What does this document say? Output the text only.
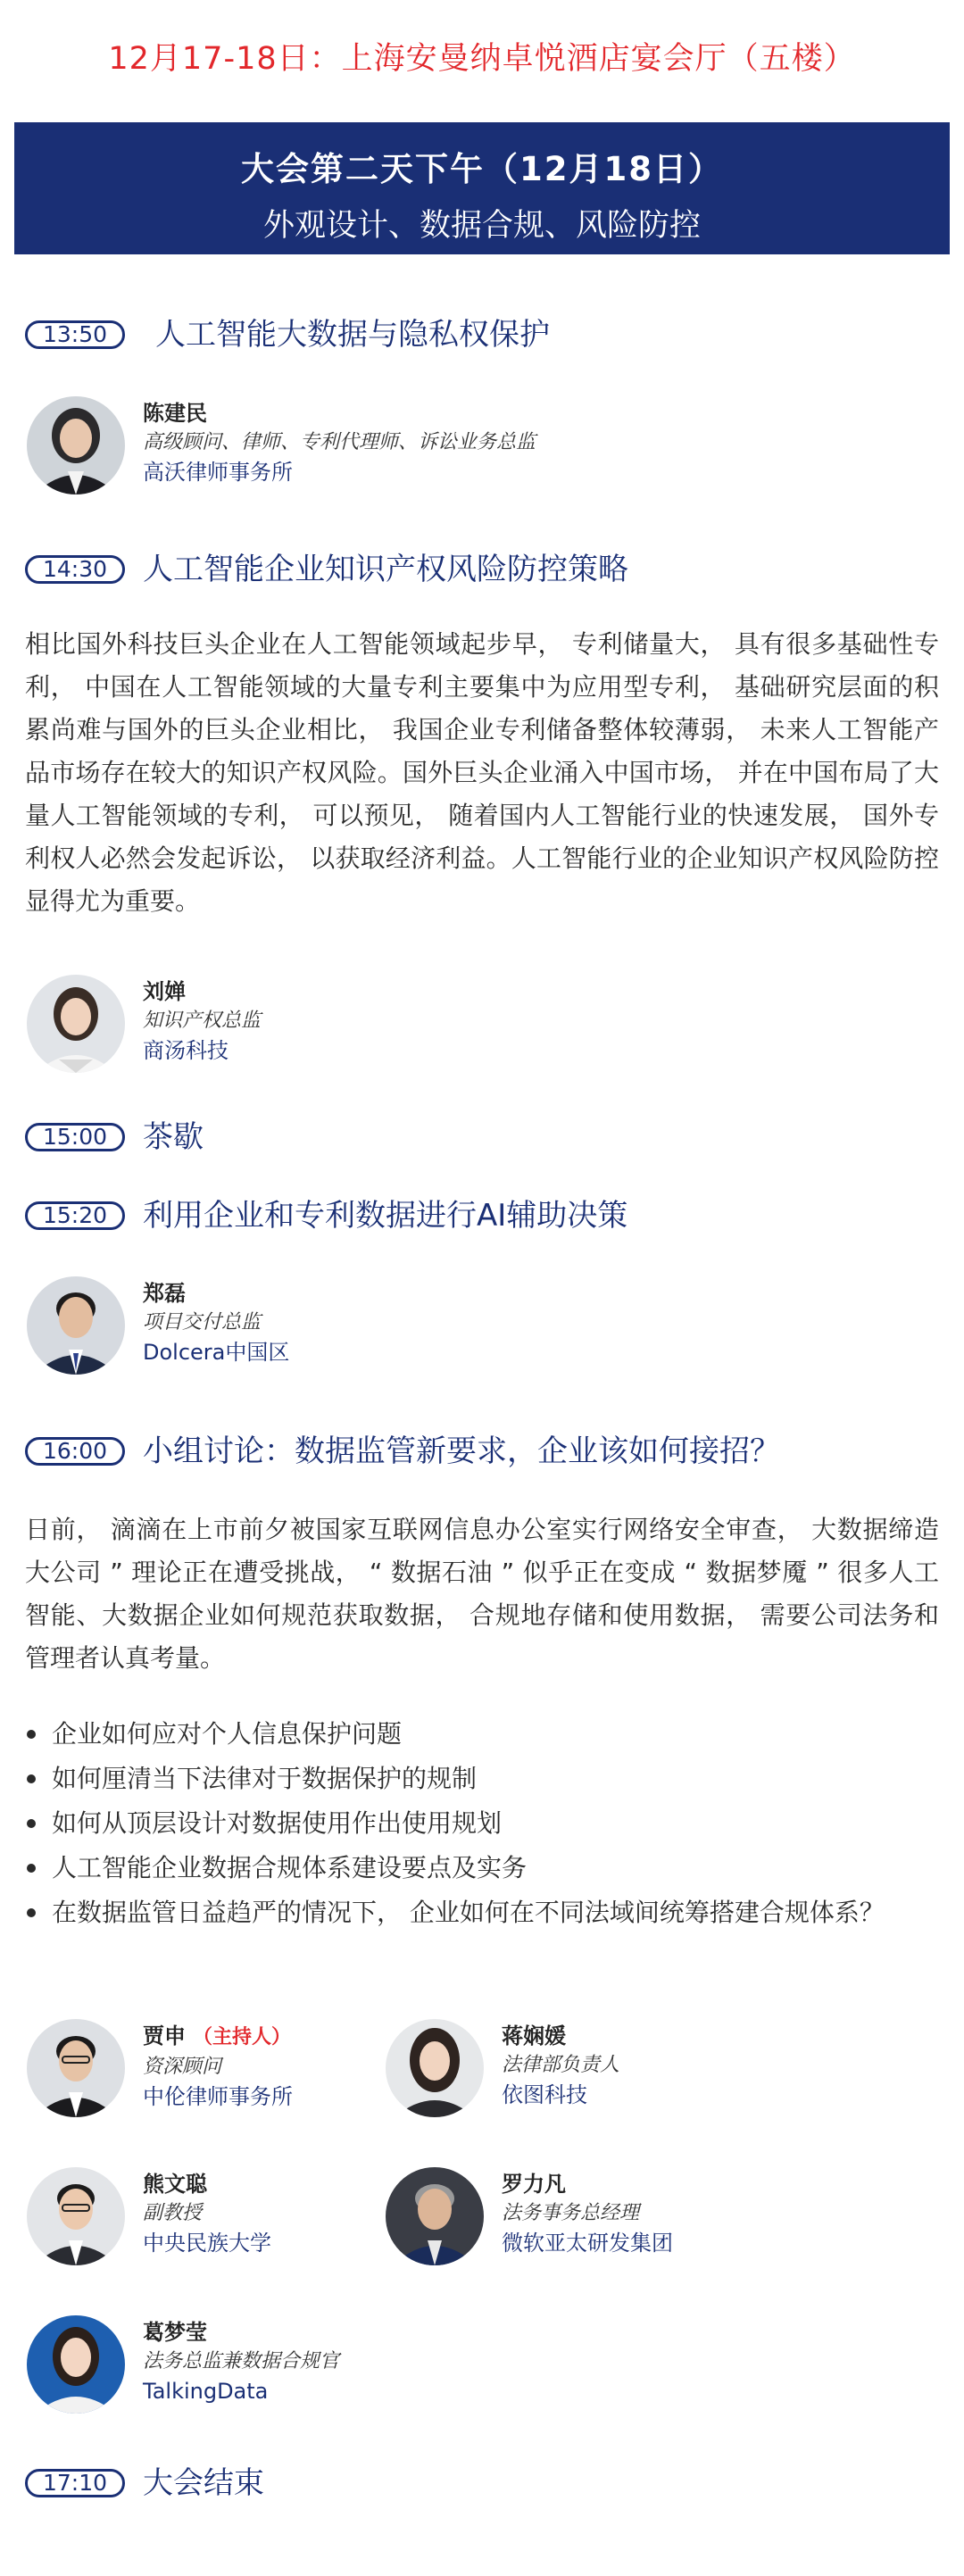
12月17-18日：上海安曼纳卓悦酒店宴会厅（五楼）
大会第二天下午（12月18日）
外观设计、数据合规、风险防控
13:50	人工智能大数据与隐私权保护
陈建民
高级顾问、律师、专利代理师、诉讼业务总监
高沃律师事务所
14:30	人工智能企业知识产权风险防控策略

相比国外科技巨头企业在人工智能领域起步早， 专利储量大， 具有很多基础性专利， 中国在人工智能领域的大量专利主要集中为应用型专利， 基础研究层面的积累尚难与国外的巨头企业相比， 我国企业专利储备整体较薄弱， 未来人工智能产品市场存在较大的知识产权风险。国外巨头企业涌入中国市场， 并在中国布局了大量人工智能领域的专利， 可以预见， 随着国内人工智能行业的快速发展， 国外专利权人必然会发起诉讼， 以获取经济利益。人工智能行业的企业知识产权风险防控显得尤为重要。

刘婵
知识产权总监
商汤科技
15:00	茶歇
15:20	利用企业和专利数据进行AI辅助决策
郑磊
项目交付总监
Dolcera中国区
16:00	小组讨论：数据监管新要求，企业该如何接招？

日前， 滴滴在上市前夕被国家互联网信息办公室实行网络安全审查， 大数据缔造大公司 ” 理论正在遭受挑战， “ 数据石油 ” 似乎正在变成 “ 数据梦魇 ” 很多人工智能、大数据企业如何规范获取数据， 合规地存储和使用数据， 需要公司法务和管理者认真考量。

企业如何应对个人信息保护问题
如何厘清当下法律对于数据保护的规制
如何从顶层设计对数据使用作出使用规划
人工智能企业数据合规体系建设要点及实务
在数据监管日益趋严的情况下， 企业如何在不同法域间统筹搭建合规体系？
贾申 （主持人）
资深顾问
中伦律师事务所
蒋娴媛
法律部负责人
依图科技
熊文聪
副教授
中央民族大学
罗力凡
法务事务总经理
微软亚太研发集团
葛梦莹
法务总监兼数据合规官
TalkingData
17:10	大会结束
